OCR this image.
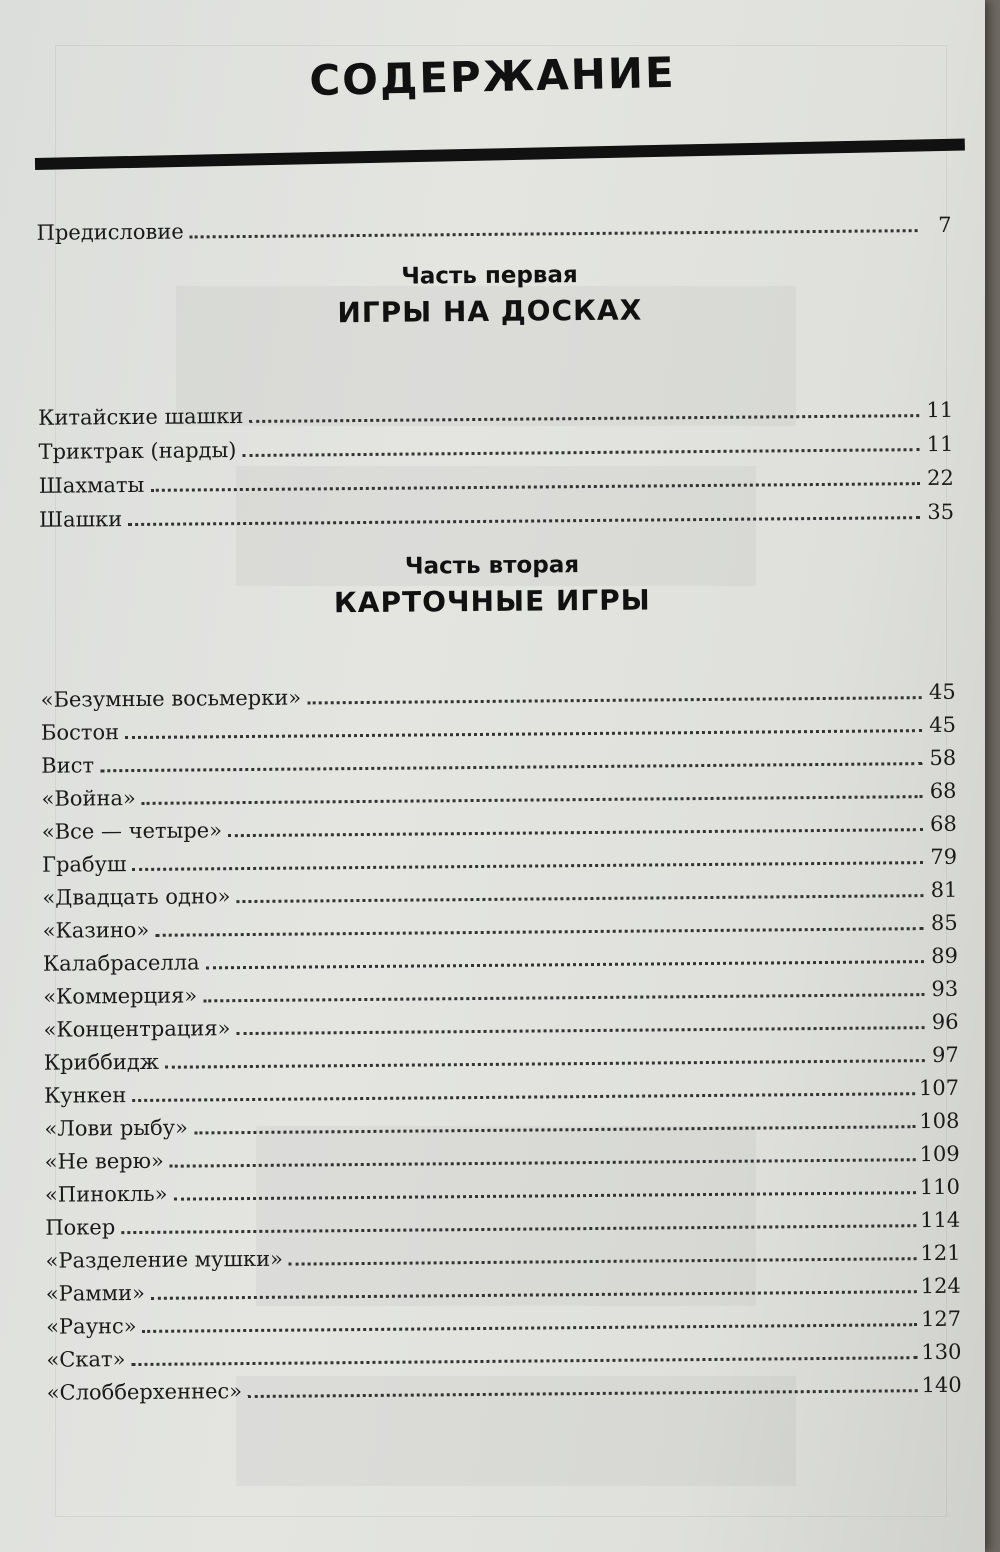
СОДЕРЖАНИЕ
Предисловие	7
Часть первая
ИГРЫ НА ДОСКАХ
Китайские шашки	11
Триктрак (нарды)	11
Шахматы	22
Шашки	35
Часть вторая
КАРТОЧНЫЕ ИГРЫ
«Безумные восьмерки»	45
Бостон	45
Вист	58
«Война»	68
«Все — четыре»	68
Грабуш	79
«Двадцать одно»	81
«Казино»	85
Калабраселла	89
«Коммерция»	93
«Концентрация»	96
Криббидж	97
Кункен	107
«Лови рыбу»	108
«Не верю»	109
«Пинокль»	110
Покер	114
«Разделение мушки»	121
«Рамми»	124
«Раунс»	127
«Скат»	130
«Слобберхеннес»	140
